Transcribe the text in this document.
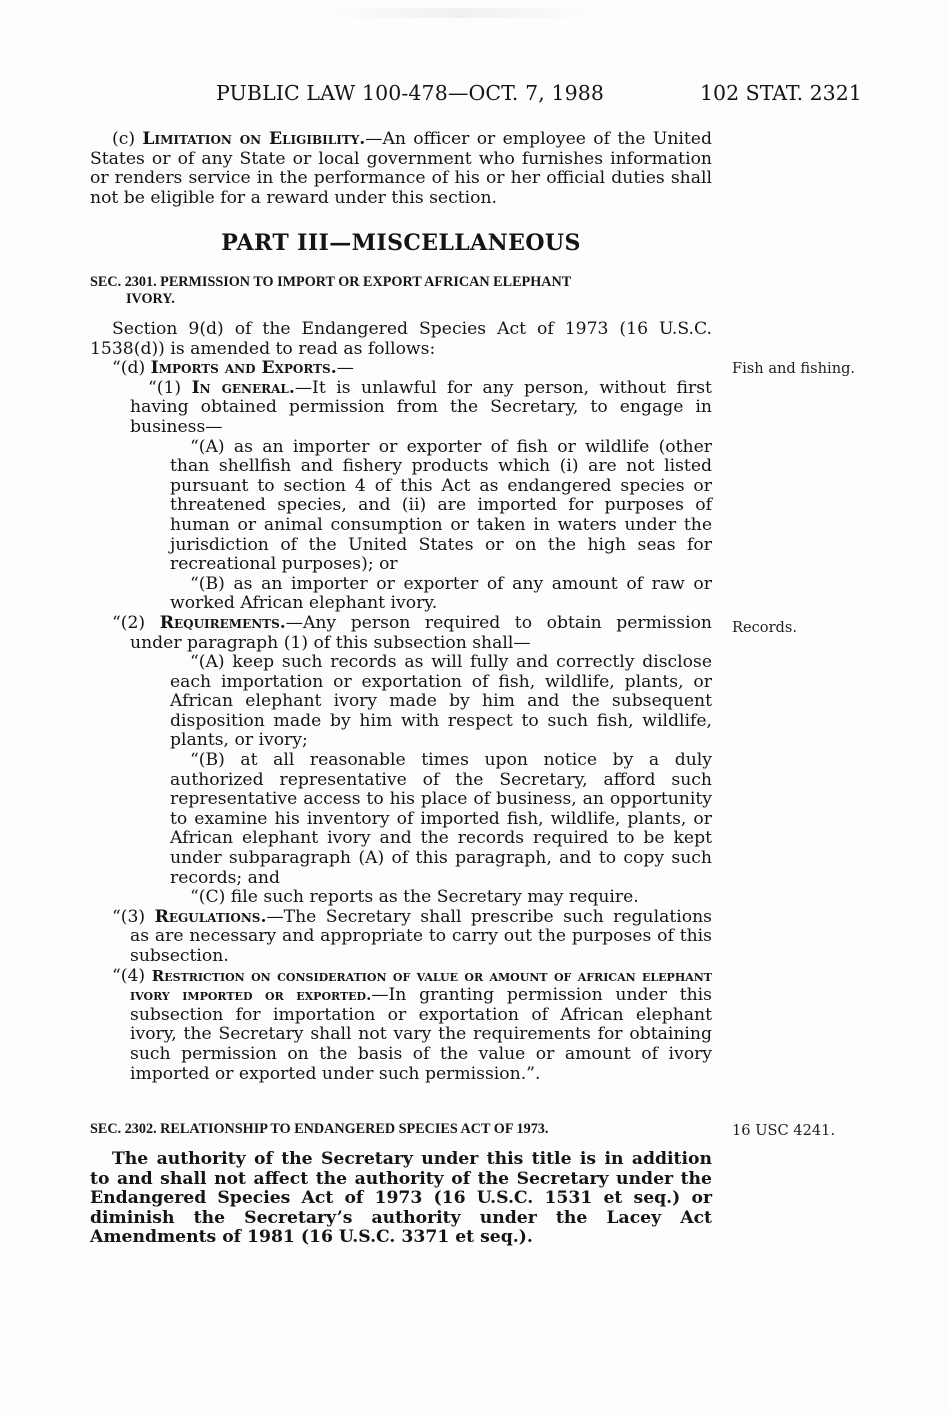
PUBLIC LAW 100-478—OCT. 7, 1988	102 STAT. 2321

(c) Limitation on Eligibility.—An officer or employee of the United States or of any State or local government who furnishes information or renders service in the performance of his or her official duties shall not be eligible for a reward under this section.

PART III—MISCELLANEOUS
SEC. 2301. PERMISSION TO IMPORT OR EXPORT AFRICAN ELEPHANT
IVORY.

Section 9(d) of the Endangered Species Act of 1973 (16 U.S.C. 1538(d)) is amended to read as follows:

“(d) Imports and Exports.—

“(1) In general.—It is unlawful for any person, without first having obtained permission from the Secretary, to engage in business—

“(A) as an importer or exporter of fish or wildlife (other than shellfish and fishery products which (i) are not listed pursuant to section 4 of this Act as endangered species or threatened species, and (ii) are imported for purposes of human or animal consumption or taken in waters under the jurisdiction of the United States or on the high seas for recreational purposes); or

“(B) as an importer or exporter of any amount of raw or worked African elephant ivory.

“(2) Requirements.—Any person required to obtain permission under paragraph (1) of this subsection shall—

“(A) keep such records as will fully and correctly disclose each importation or exportation of fish, wildlife, plants, or African elephant ivory made by him and the subsequent disposition made by him with respect to such fish, wildlife, plants, or ivory;

“(B) at all reasonable times upon notice by a duly authorized representative of the Secretary, afford such representative access to his place of business, an opportunity to examine his inventory of imported fish, wildlife, plants, or African elephant ivory and the records required to be kept under subparagraph (A) of this paragraph, and to copy such records; and

“(C) file such reports as the Secretary may require.

“(3) Regulations.—The Secretary shall prescribe such regulations as are necessary and appropriate to carry out the purposes of this subsection.

“(4) Restriction on consideration of value or amount of african elephant ivory imported or exported.—In granting permission under this subsection for importation or exportation of African elephant ivory, the Secretary shall not vary the requirements for obtaining such permission on the basis of the value or amount of ivory imported or exported under such permission.”.

SEC. 2302. RELATIONSHIP TO ENDANGERED SPECIES ACT OF 1973.

The authority of the Secretary under this title is in addition to and shall not affect the authority of the Secretary under the Endangered Species Act of 1973 (16 U.S.C. 1531 et seq.) or diminish the Secretary’s authority under the Lacey Act Amendments of 1981 (16 U.S.C. 3371 et seq.).

Fish and fishing.
Records.
16 USC 4241.
